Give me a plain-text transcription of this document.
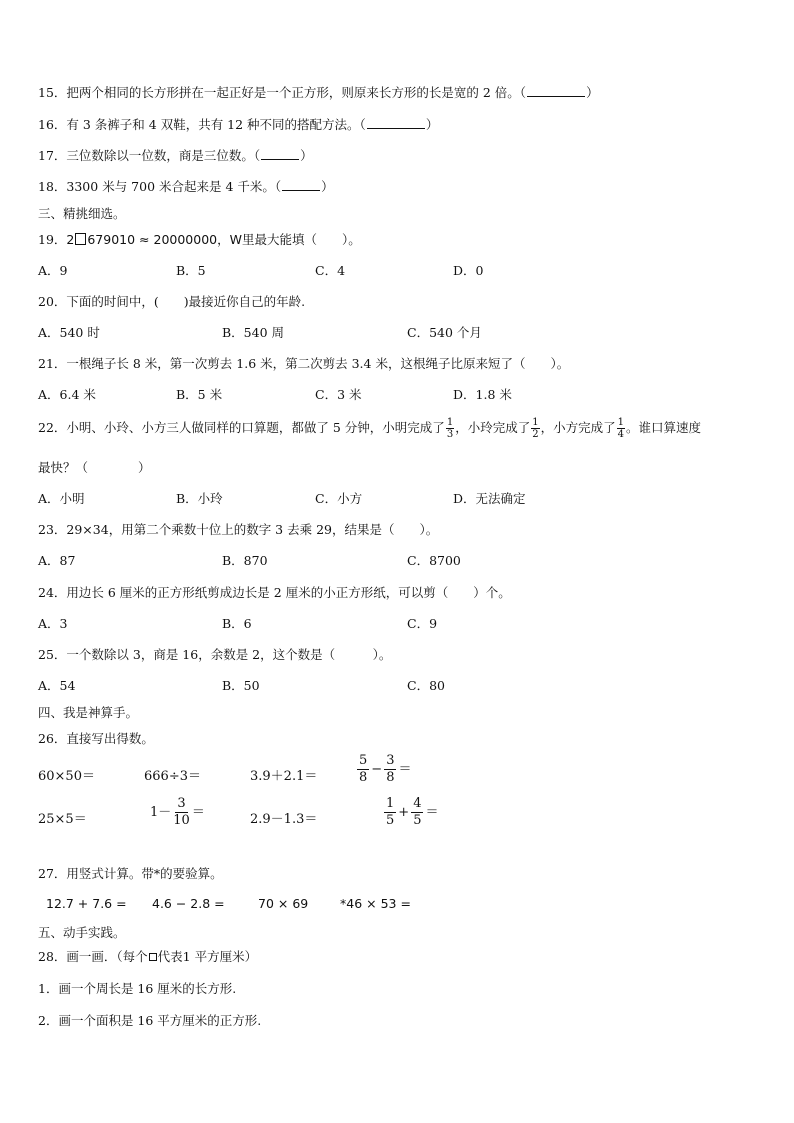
15．把两个相同的长方形拼在一起正好是一个正方形，则原来长方形的长是宽的 2 倍。（	）
16．有 3 条裤子和 4 双鞋，共有 12 种不同的搭配方法。（	）
17．三位数除以一位数，商是三位数。（	）
18．3300 米与 700 米合起来是 4 千米。（	）
三、精挑细选。
19．2 679010 ≈ 20000000，W里最大能填（　　）。
A．9	B．5	C．4	D．0
20．下面的时间中，(　　)最接近你自己的年龄.
A．540 时	B．540 周	C．540 个月
21．一根绳子长 8 米，第一次剪去 1.6 米，第二次剪去 3.4 米，这根绳子比原来短了（　　）。
A．6.4 米	B．5 米	C．3 米	D．1.8 米
22．小明、小玲、小方三人做同样的口算题，都做了 5 分钟，小明完成了 $\frac{1}{3}$ ，小玲完成了 $\frac{1}{2}$ ，小方完成了 $\frac{1}{4}$ 。谁口算速度
最快？（　　　　）
A．小明	B．小玲	C．小方	D．无法确定
23．29×34，用第二个乘数十位上的数字 3 去乘 29，结果是（　　）。
A．87	B．870	C．8700
24．用边长 6 厘米的正方形纸剪成边长是 2 厘米的小正方形纸，可以剪（　　）个。
A．3	B．6	C．9
25．一个数除以 3，商是 16，余数是 2，这个数是（　　　）。
A．54	B．50	C．80
四、我是神算手。
26．直接写出得数。
60×50＝	666÷3＝	3.9＋2.1＝	$\frac{5}{8} - \frac{3}{8}$ ＝
25×5＝	$1- \frac{3}{10}$ ＝	2.9－1.3＝	$\frac{1}{5} + \frac{4}{5}$ ＝
27．用竖式计算。带*的要验算。
12.7 + 7.6 = 4.6 − 2.8 =	70 × 69	*46 × 53 =
五、动手实践。
28．画一画．（每个 代表1 平方厘米）
1．画一个周长是 16 厘米的长方形.
2．画一个面积是 16 平方厘米的正方形.
